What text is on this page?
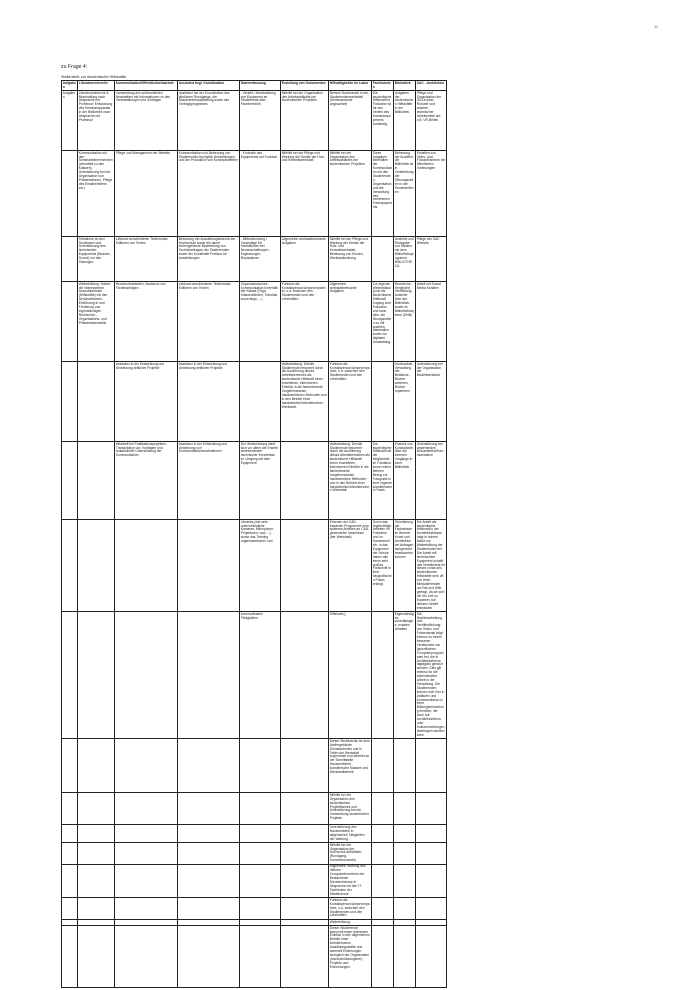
11
zu Frage 4:
Stellenfeld: zur studentische Hilfskräfte
Aufgaben	Literaturrecherche	Kommunikation/Öffentlichkeitsarbeit	Assistenz bzgl. Koordination	Datenerfassung	Erstellung von Dokumenten	Hilfstätigkeiten im Labor	Fachtutorien	Bibliothek	SAC - Architektur
Aufgaben	Literaturrecherche & Beschaffung nach Absprache mit Professor; Entwicklung des Seminarapparats in der Bibliothek nach Absprache mit Professor	Vorbereitung des wöchentlichen Newsletters mit Informationen zu den Veranstaltungen und Vorträgen	Assistenz bei der Koordination des jährlichen Rundgangs, der Absolventenausstellung sowie des Vortragsprogramms	- Verteilt / Bereitstellung von Equipment an Studierende aller Fachbereiche	Mithilfe bei der Organisation des Arbeitsabläufes bei studentischen Projekten	Betreut Studierende in der Studierendenwerkstatt (Seminarräume ungeachtet)	Die studentische Hilfskraft im Fotolabor ist für den Verleih des Kameraequipments zuständig.	Aufgaben der studentischen Hilfskräfte in der Bibliothek	Pflege und Organisation der 3D-Drucker, Roboter und anderer technischer Arbeitsmittel am z.B. VR-Brillen
	Kommunikation mit den Seminarteilnehmenden (vermittelt zu den Klassen), Unterstützung bei der Organisation von Präsentationen, Pflege des Emailverteilers etc.)	Pflege und Management der Website	Kommunikation und Betreuung von Studierenden bezüglich Ausstellungen und der Produktion von Konzeptarbeiten	- Kontrolle des Equipments auf Funktion	Mithilfe bei der Pflege und Wartung der Geräte der Holz- und Keramikwerkstatt	Mithilfe bei der Organisation des Arbeitsabläufes bei studentischen Projekten	Diese Aufgaben beinhalten die Kommunikation mit den Studierenden, Organisation und die Verwaltung des verliehenen Fotoequipments.	Betreuung der Ausleihe, die Bibliothek ist in Vorbereitung der Öffnungszeiten in den Semesterferien	Erstellen von Video- und Fotoaufnahmen bei öffentlichen Vorlesungen
	Teilnahme an den Seminaren und Unterstützung des technischen Equipments (Beamer, Sound) vor den Sitzungen	Lektorat verschiedener Textformate, Editieren von Texten	Betreuung der Ausstellungstechnik der Hochschule sowie die damit einhergehende Bearbeitung von Technikanfragen der Studierenden sowie der Kunsthalle Portikus für Ausstellungen	- Mitbestimmung / Vorschläge für Investitionen bei Neuanschaffungen - Ergänzungen Reparaturen	Allgemeine werkstattrelevante Aufgaben	Mithilfe bei der Pflege und Wartung der Geräte der Holz- und Keramikwerkstatt, Betreuung von Kursen, Werkstattordnung		Ausleihe und Rückgabe von Medien mit dem Bibliotheksprogramm BIBLIOTHECA	Pflege der SAC Website
	Weiterbildung: Haben die interessierten Auszubildenden (Hilfskräfte) mit den Seminarthemen, Einführung in und Förderung von eigenständigen Recherche-, Organisations- und Präsentationsskills	Recherchearbeiten, Assistenz von Förderanträgen	Lektorat verschiedener Textformate, Editieren von Texten	Organisatorisches - Kommunikation innerhalb der Klasse (Orga Klassenfahrten, Tutorials, screenings, ...)	Funktion als Kontaktperson/Ansprechpartner, u.a. zwischen den Studierenden und den Lehrkräften	Allgemeine werkstattrelevante Aufgaben	Zur eigenen Weiterbildung hat die studentische Hilfskraft Zugang zum Fotolabor und kann dies, die Übungszeiten so mit anderen Materialien sowie zur digitalen Ausstattung.	Recherche, Vergleiche, Vermittlung, Ausleihe über der Bibliothek, sowie im Bibliothekssystem (DNB)	Arbeit mit Social Media Kanälen
		Assistenz in der Entwicklung und Umsetzung zeitlicher Projekte	Assistenz in der Entwicklung und Umsetzung zeitlicher Projekte		Weiterbildung: Die/der Studierende bekommt durch die Ausführung dieses Arbeitsbereiches als studentische Hilfskraft einen erweiterten, intensiveren Einblick in die fachrelevante Vorgehensweise, handwerklichen Methoden und in den Betrieb einer handwerklich/künstlerischen Werkstatt.	Funktion als Kontaktperson/Ansprechpartner, u.a. zwischen den Studierenden und den Lehrkräften		Archivarbeit, Verwaltung der Bestände, Bücher sortieren, Bücher reparieren	Unterstützung bei der Organisation der Modellwerkstatt
		Mitarbeit bei Publikationsprojekten, Transkription von Vorträgen und redaktionelle Unterstützung der Kommunikation	Assistenz in der Entwicklung und Umsetzung von Kommunikationsmaßnahmen	Der Weiterbildung dient sich vor allem der Erwerb weitreichender technischer Kenntnisse im Umgang mit dem Equipment		Weiterbildung: Der/die Studierende bekommt durch die Ausführung dieses Arbeitsbereiches als studentische Hilfskraft einen erweiterten, intensiveren Einblick in die fachrelevante Vorgehensweise, handwerkliche Methoden und in den Betrieb einer handwerklich/künstlerischen Werkstatt.	Die studentische Hilfskraft hat die Möglichkeit, im Fotolabor immer einen tieferen Bezug zur Fotografie in ihrer eigenen künstlerischen Praxis.	Einsicht von Kunstwissen über die internen Vorgänge in einer Bibliothek	Unterstützung bei anstehenden Büroarbeiten/Kommunikation
				Libraries (wie sehr unterschiedliche Kameras, Mikrophone, Projektoren, usw. ...) sowie das Training organisatorischer und		Erlernen der CAD-basierten Programme zum späteren Arbeiten an CAD-gesteuerten Maschinen (der Werkstatt)	Durch das regelmäßige Arbeiten im Fotolabor und im Kameraverleih, in das Equipment der Schule haben alle einen sehr großen Fortschritt in ihrer fotografischen Praxis erlangt.	Orientierung mit Fachwissen im Bereich Kunst und Architektur; bei Anfragen fachgerecht beantworten können	Die Arbeit als studentische Hilfskraft in der Architekturklasse trägt in hohem Maße zur Weiterbildung der Studierenden bei. Die Arbeit mit technischem Equipment schafft das Verständnis für dieses vorab des studentischen Hilfskräfte sehr oft von ihren Mitstudierenden um Rat und Hilfe gefragt, da sie sich mit der Zeit zu Experten auf diesem Gebiet entwickeln.
				kommunikative Fähigkeiten.		Hilfskraft ()		Eigenständiges, zuverlässiges, exaktes Arbeiten	Die Nachbearbeitung und Veröffentlichung von Video- und Fotomaterial trägt ebenso zu einem besseren Verständnis von (spezifischen Computerprogrammen bei, die in Architekturbüros tagtäglich genutzt werden. Dies gilt ebenso für die administrative Arbeit in der Verwaltung. Die Studierenden können sich hier in Abläufen und Kommunikation in einer Bildungseinrichtung einüben, die auch auf Architekturbüros oder Kulturenrichtungen übertragen werden kann.
						Dieser Studierende ist dem Ateliergebäude Dienstwohnsitz und in Teilen der Werkstatt zugeordnet und arbeitet an der Schnittstelle Hausmeisterei, künstlerische Klassen und Werkstattbetrieb			
						Mithilfe bei der Organisation des studentischen Projekttisches und Unterstützung bei der Vorbereitung studentischer Projekte			
						Unterstützung des Hausmeisters in allgemeinen Tätigkeiten der Wartung.			
						Mithilfe bei der Organisation der Hochschul-Aktivitäten (Rundgang, Kammerkonzerte)			
						Allgemeine Wartung des offenen Computerbereiches der Bestandener Dienbereichase in Absprache mit den IT-Fachleuten der Städelschule			
						Funktion als Kontaktperson/Ansprechpartner, u.a. zwischen den Studierenden und den Lehrkräften			
						Weiterbildung:			
						Dieser Studierende bekommt einen intensiven Einblick in den allgemeinen Betrieb einer künstlerischen Ausbildungsstätte und sammelt Erfahrungen bezüglich der Organisation (hochschulbezogener) Projekte und Einrichtungen.			
